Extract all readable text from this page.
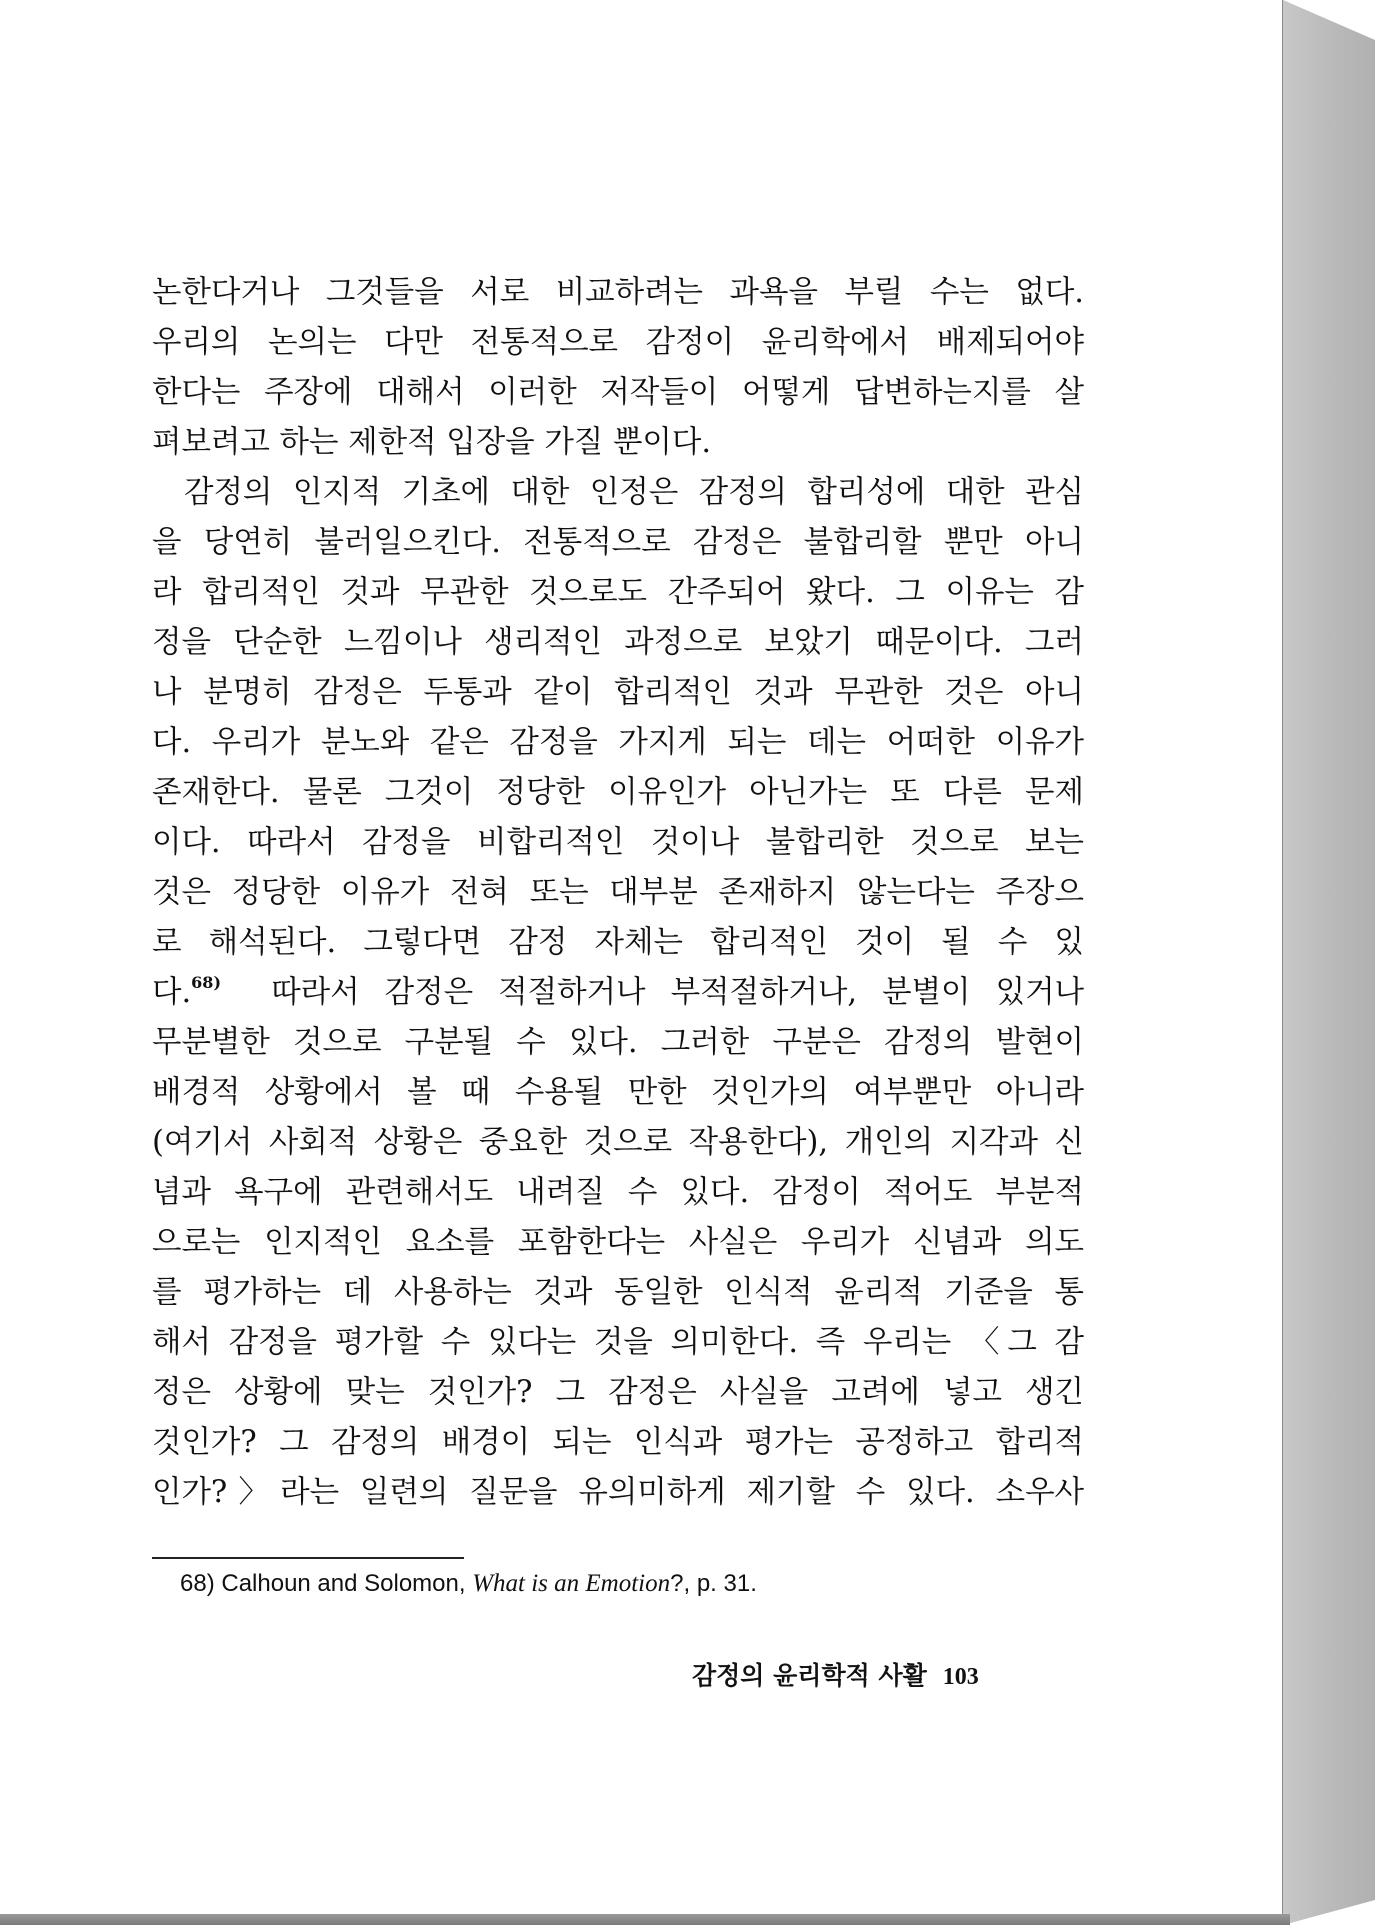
논한다거나 그것들을 서로 비교하려는 과욕을 부릴 수는 없다.
우리의 논의는 다만 전통적으로 감정이 윤리학에서 배제되어야
한다는 주장에 대해서 이러한 저작들이 어떻게 답변하는지를 살
펴보려고 하는 제한적 입장을 가질 뿐이다.
감정의 인지적 기초에 대한 인정은 감정의 합리성에 대한 관심
을 당연히 불러일으킨다. 전통적으로 감정은 불합리할 뿐만 아니
라 합리적인 것과 무관한 것으로도 간주되어 왔다. 그 이유는 감
정을 단순한 느낌이나 생리적인 과정으로 보았기 때문이다. 그러
나 분명히 감정은 두통과 같이 합리적인 것과 무관한 것은 아니
다. 우리가 분노와 같은 감정을 가지게 되는 데는 어떠한 이유가
존재한다. 물론 그것이 정당한 이유인가 아닌가는 또 다른 문제
이다. 따라서 감정을 비합리적인 것이나 불합리한 것으로 보는
것은 정당한 이유가 전혀 또는 대부분 존재하지 않는다는 주장으
로 해석된다. 그렇다면 감정 자체는 합리적인 것이 될 수 있
다.$^{68)}$ 따라서 감정은 적절하거나 부적절하거나, 분별이 있거나
무분별한 것으로 구분될 수 있다. 그러한 구분은 감정의 발현이
배경적 상황에서 볼 때 수용될 만한 것인가의 여부뿐만 아니라
(여기서 사회적 상황은 중요한 것으로 작용한다), 개인의 지각과 신
념과 욕구에 관련해서도 내려질 수 있다. 감정이 적어도 부분적
으로는 인지적인 요소를 포함한다는 사실은 우리가 신념과 의도
를 평가하는 데 사용하는 것과 동일한 인식적 윤리적 기준을 통
해서 감정을 평가할 수 있다는 것을 의미한다. 즉 우리는 〈그 감
정은 상황에 맞는 것인가? 그 감정은 사실을 고려에 넣고 생긴
것인가? 그 감정의 배경이 되는 인식과 평가는 공정하고 합리적
인가?〉라는 일련의 질문을 유의미하게 제기할 수 있다. 소우사
68) Calhoun and Solomon, What is an Emotion?, p. 31.
감정의 윤리학적 사활 103
